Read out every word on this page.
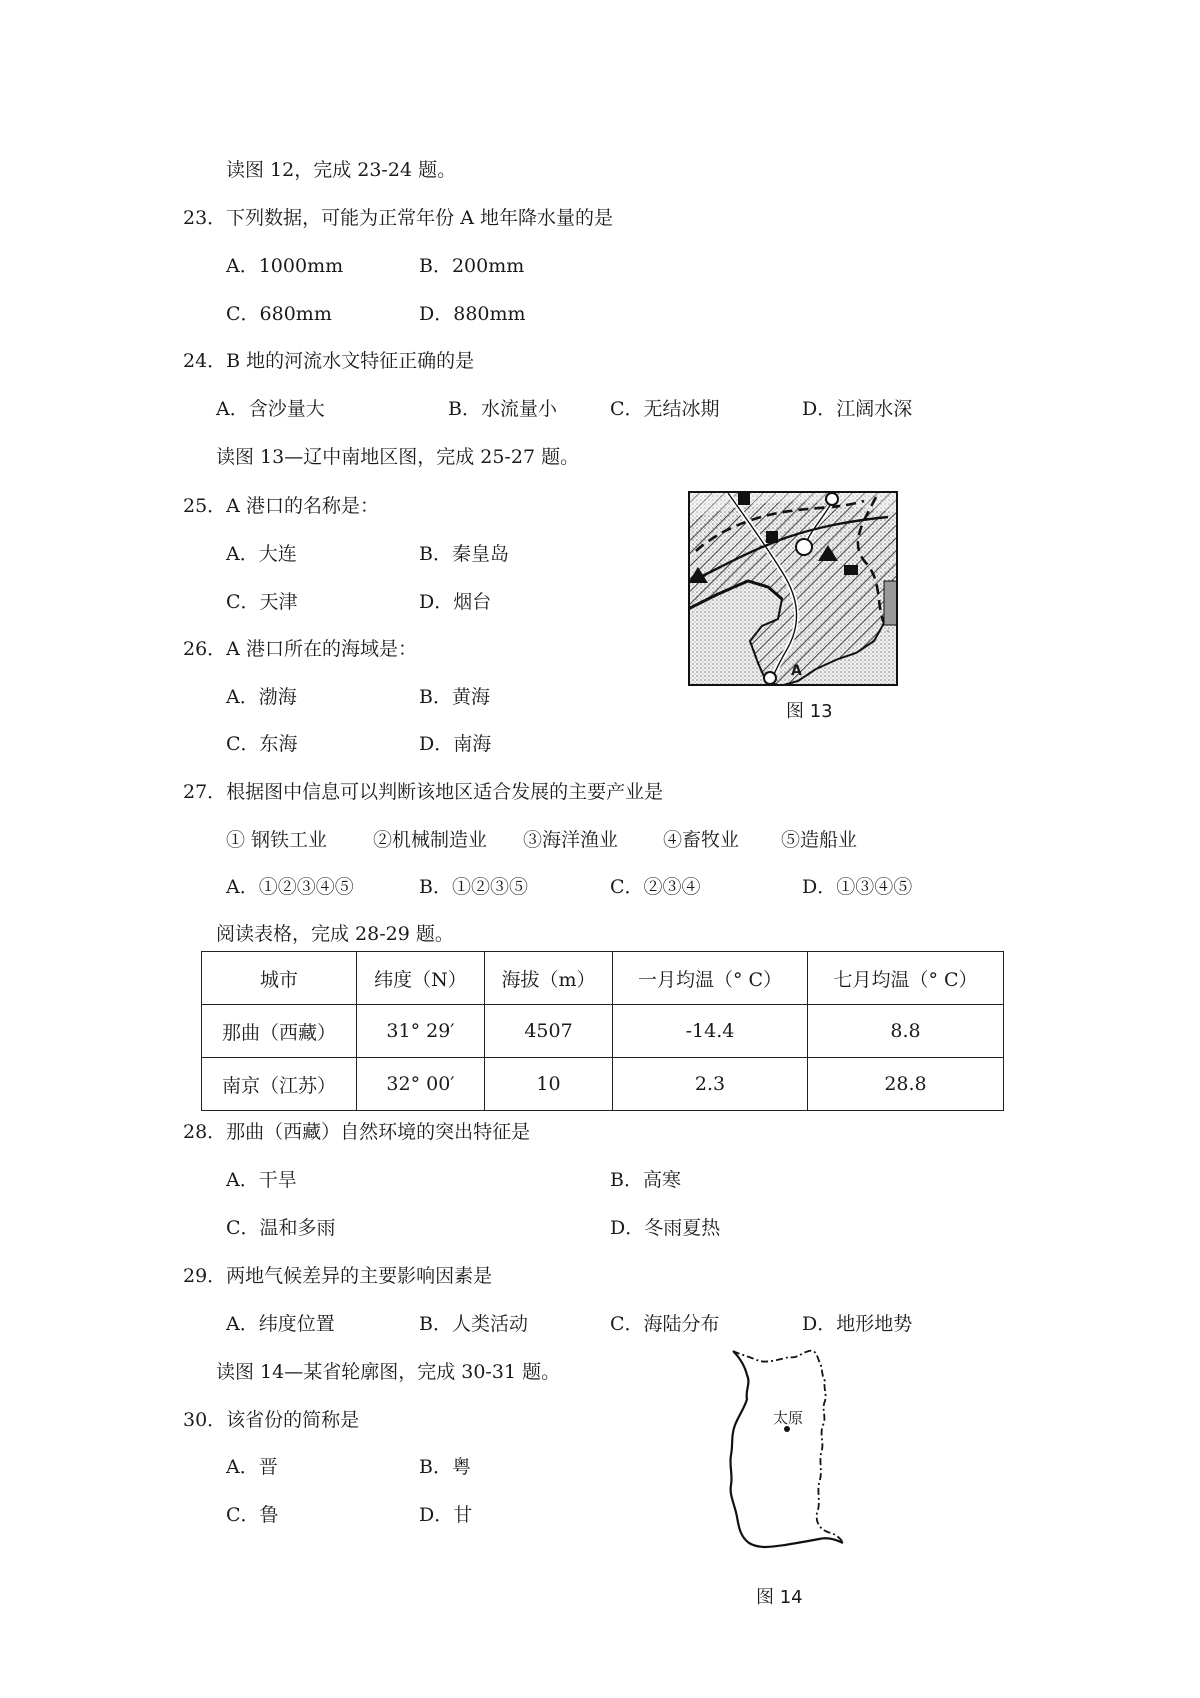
读图 12，完成 23-24 题。
23．下列数据，可能为正常年份 A 地年降水量的是
A．1000mm	B．200mm
C．680mm	D．880mm
24．B 地的河流水文特征正确的是
A．含沙量大	B．水流量小	C．无结冰期	D．江阔水深
读图 13—辽中南地区图，完成 25-27 题。
25．A 港口的名称是：
A．大连	B．秦皇岛
C．天津	D．烟台
26．A 港口所在的海域是：
A．渤海	B．黄海
C．东海	D．南海
A
图 13
27．根据图中信息可以判断该地区适合发展的主要产业是
① 钢铁工业 ②机械制造业 ③海洋渔业 ④畜牧业 ⑤造船业
A．①②③④⑤	B．①②③⑤	C．②③④	D．①③④⑤
阅读表格，完成 28-29 题。
城市	纬度（N）	海拔（m）	一月均温（° C）	七月均温（° C）
那曲（西藏）	31° 29′	4507	-14.4	8.8
南京（江苏）	32° 00′	10	2.3	28.8
28．那曲（西藏）自然环境的突出特征是
A．干旱	B．高寒
C．温和多雨	D．冬雨夏热
29．两地气候差异的主要影响因素是
A．纬度位置	B．人类活动	C．海陆分布	D．地形地势
读图 14—某省轮廓图，完成 30-31 题。
30．该省份的简称是
A．晋	B．粤
C．鲁	D．甘
太原
图 14
